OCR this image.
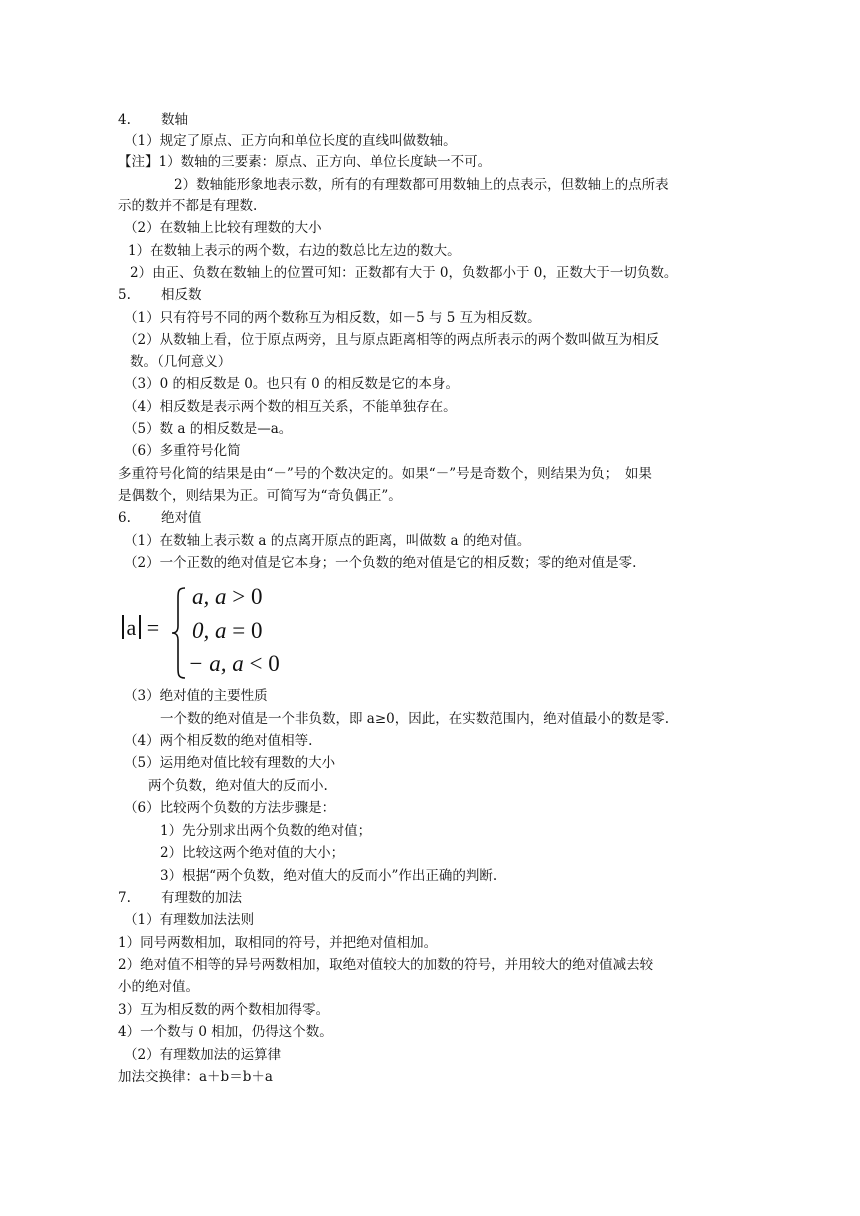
4. 数轴
（1）规定了原点、正方向和单位长度的直线叫做数轴。
【注】1）数轴的三要素：原点、正方向、单位长度缺一不可。
2）数轴能形象地表示数，所有的有理数都可用数轴上的点表示，但数轴上的点所表
示的数并不都是有理数.
（2）在数轴上比较有理数的大小
1）在数轴上表示的两个数，右边的数总比左边的数大。
2）由正、负数在数轴上的位置可知：正数都有大于 0，负数都小于 0，正数大于一切负数。
5. 相反数
（1）只有符号不同的两个数称互为相反数，如－5 与 5 互为相反数。
（2）从数轴上看，位于原点两旁，且与原点距离相等的两点所表示的两个数叫做互为相反
数。（几何意义）
（3）0 的相反数是 0。也只有 0 的相反数是它的本身。
（4）相反数是表示两个数的相互关系，不能单独存在。
（5）数 a 的相反数是—a。
（6）多重符号化简
多重符号化简的结果是由“－”号的个数决定的。如果“－”号是奇数个，则结果为负；　如果
是偶数个，则结果为正。可简写为“奇负偶正”。
6. 绝对值
（1）在数轴上表示数 a 的点离开原点的距离，叫做数 a 的绝对值。
（2）一个正数的绝对值是它本身；一个负数的绝对值是它的相反数；零的绝对值是零.
（3）绝对值的主要性质
一个数的绝对值是一个非负数，即 a≥0，因此，在实数范围内，绝对值最小的数是零.
（4）两个相反数的绝对值相等.
（5）运用绝对值比较有理数的大小
两个负数，绝对值大的反而小.
（6）比较两个负数的方法步骤是：
1）先分别求出两个负数的绝对值；
2）比较这两个绝对值的大小；
3）根据“两个负数，绝对值大的反而小”作出正确的判断.
7. 有理数的加法
（1）有理数加法法则
1）同号两数相加，取相同的符号，并把绝对值相加。
2）绝对值不相等的异号两数相加，取绝对值较大的加数的符号，并用较大的绝对值减去较
小的绝对值。
3）互为相反数的两个数相加得零。
4）一个数与 0 相加，仍得这个数。
（2）有理数加法的运算律
加法交换律：a＋b＝b＋a
a =
a, a > 0
0, a = 0
− a, a < 0
